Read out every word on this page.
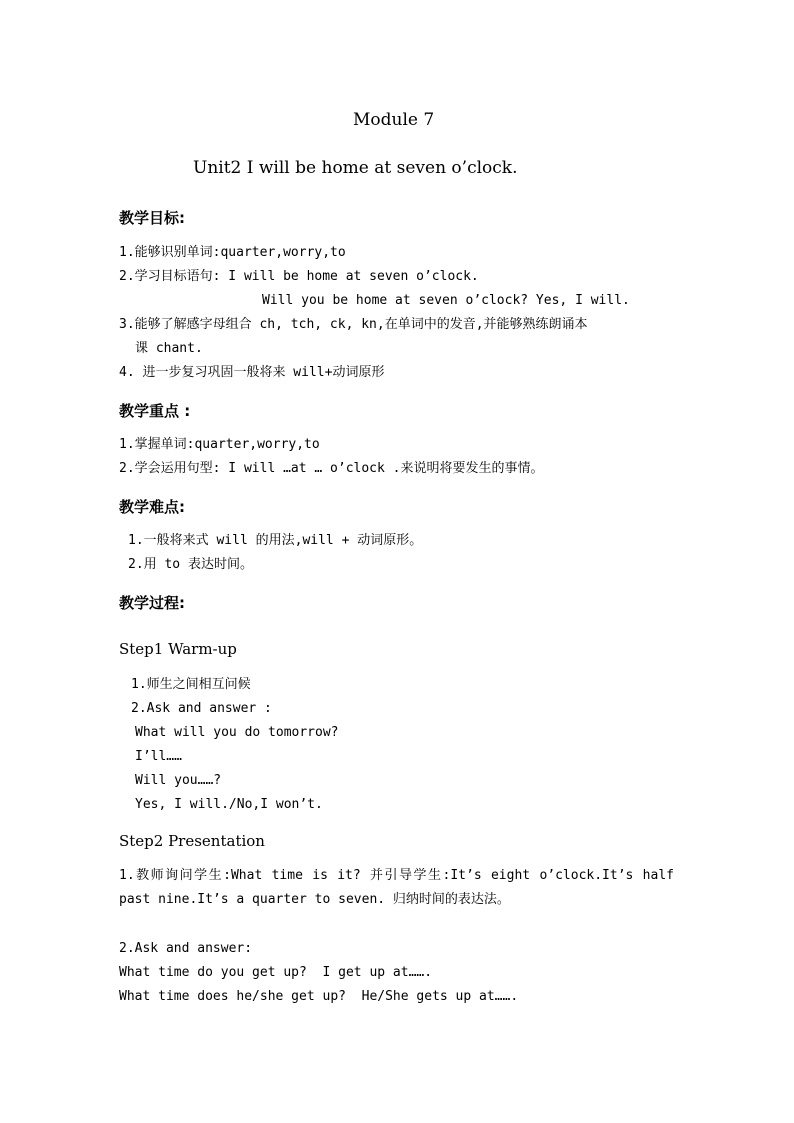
Module 7
Unit2 I will be home at seven o’clock.
教学目标:
1.能够识别单词:quarter,worry,to
2.学习目标语句: I will be home at seven o’clock.
Will you be home at seven o’clock? Yes, I will.
3.能够了解感字母组合 ch, tch, ck, kn,在单词中的发音,并能够熟练朗诵本
课 chant.
4. 进一步复习巩固一般将来 will+动词原形
教学重点 :
1.掌握单词:quarter,worry,to
2.学会运用句型: I will …at … o’clock .来说明将要发生的事情。
教学难点:
1.一般将来式 will 的用法,will + 动词原形。
2.用 to 表达时间。
教学过程:
Step1 Warm-up
1.师生之间相互问候
2.Ask and answer :
What will you do tomorrow?
I’ll……
Will you……?
Yes, I will./No,I won’t.
Step2 Presentation
1.教师询问学生:What time is it? 并引导学生:It’s eight o’clock.It’s half past nine.It’s a quarter to seven. 归纳时间的表达法。
2.Ask and answer:
What time do you get up?  I get up at…….
What time does he/she get up?  He/She gets up at…….
